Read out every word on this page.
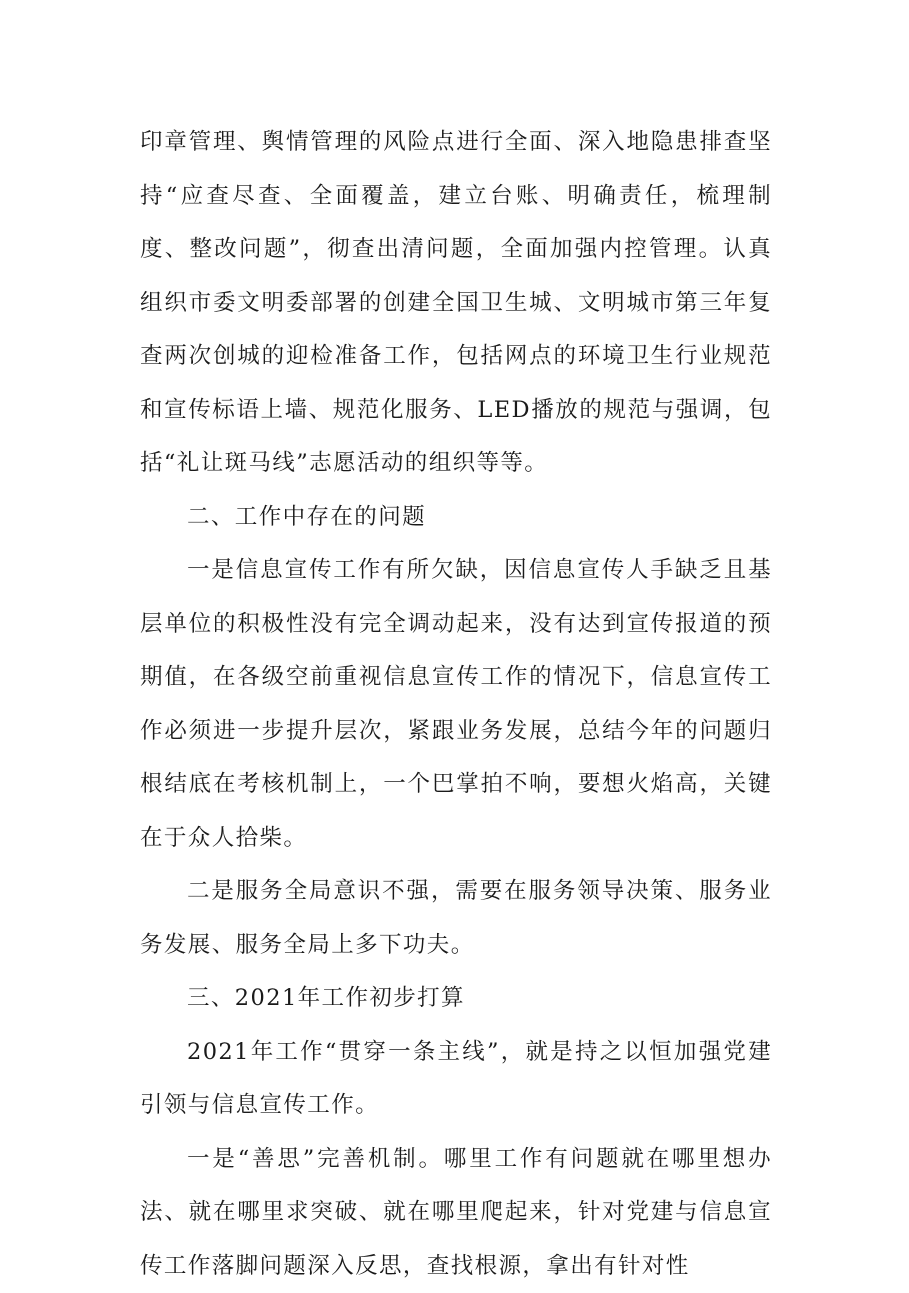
印章管理、舆情管理的风险点进行全面、深入地隐患排查坚持“应查尽查、全面覆盖，建立台账、明确责任，梳理制度、整改问题”，彻查出清问题，全面加强内控管理。认真组织市委文明委部署的创建全国卫生城、文明城市第三年复查两次创城的迎检准备工作，包括网点的环境卫生行业规范和宣传标语上墙、规范化服务、LED播放的规范与强调，包括“礼让斑马线”志愿活动的组织等等。

二、工作中存在的问题

一是信息宣传工作有所欠缺，因信息宣传人手缺乏且基层单位的积极性没有完全调动起来，没有达到宣传报道的预期值，在各级空前重视信息宣传工作的情况下，信息宣传工作必须进一步提升层次，紧跟业务发展，总结今年的问题归根结底在考核机制上，一个巴掌拍不响，要想火焰高，关键在于众人拾柴。

二是服务全局意识不强，需要在服务领导决策、服务业务发展、服务全局上多下功夫。

三、2021年工作初步打算

2021年工作“贯穿一条主线”，就是持之以恒加强党建引领与信息宣传工作。

一是“善思”完善机制。哪里工作有问题就在哪里想办法、就在哪里求突破、就在哪里爬起来，针对党建与信息宣传工作落脚问题深入反思，查找根源，拿出有针对性
